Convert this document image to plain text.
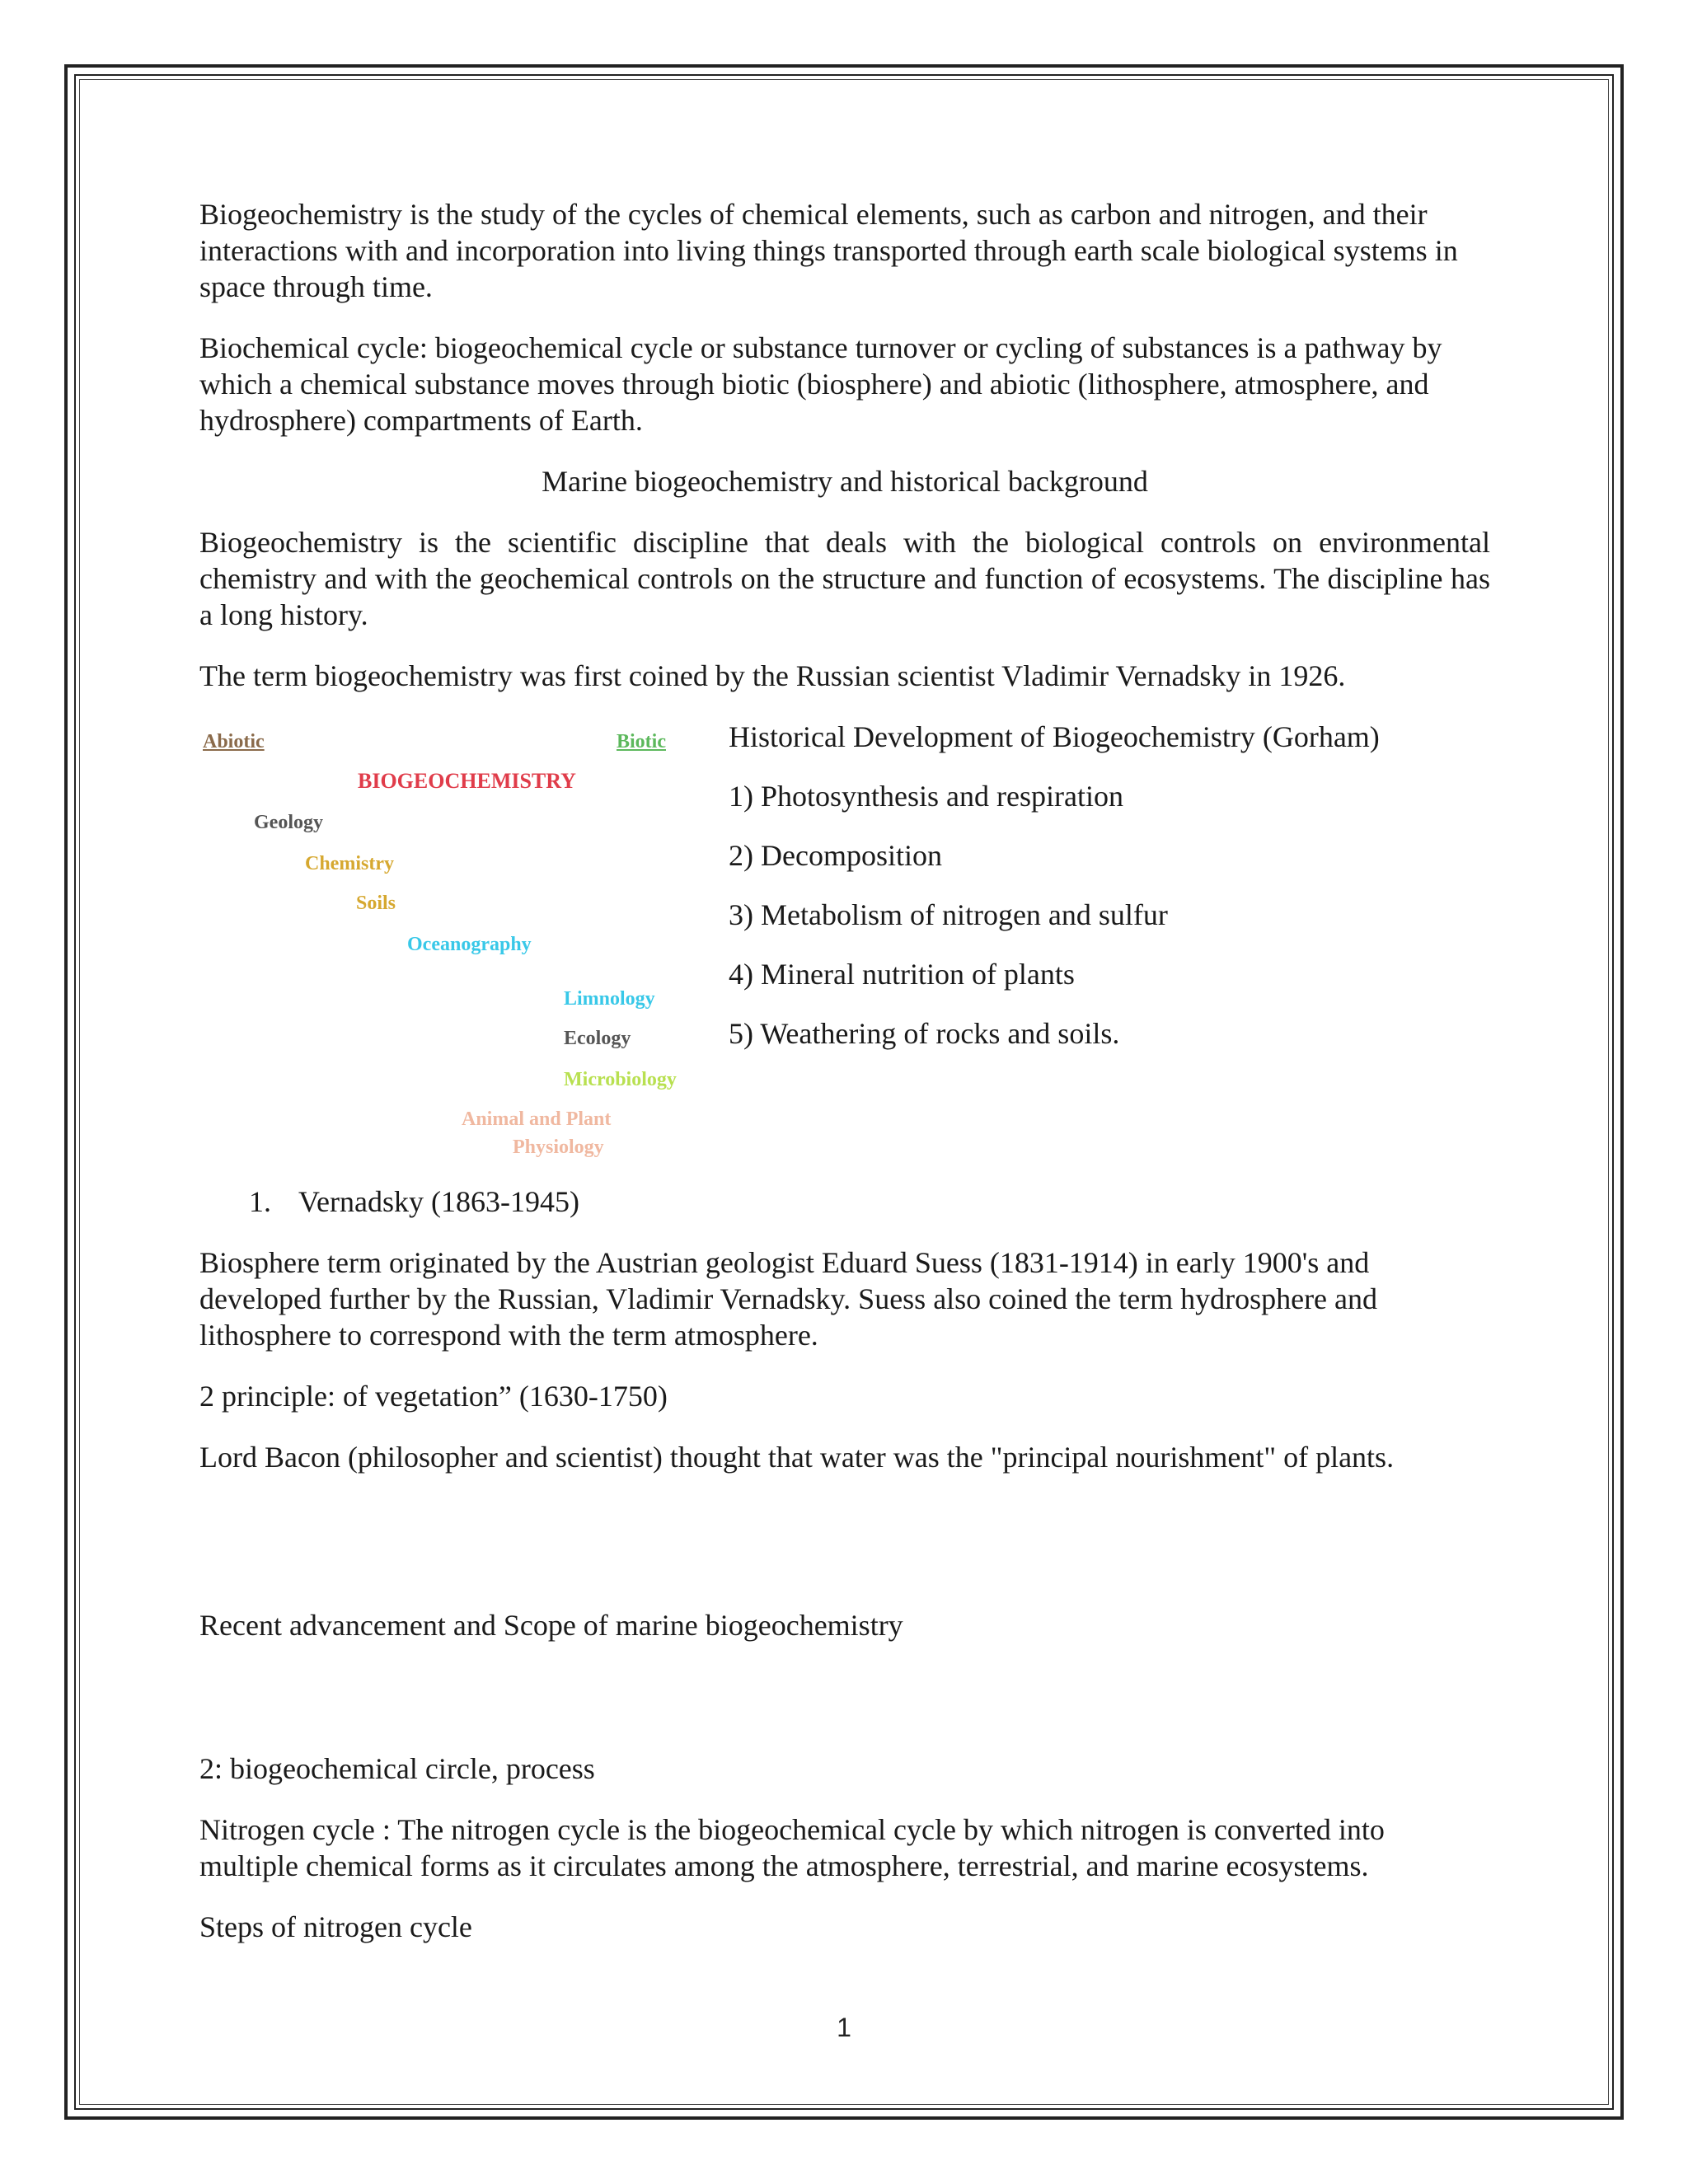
Biogeochemistry is the study of the cycles of chemical elements, such as carbon and nitrogen, and their interactions with and incorporation into living things transported through earth scale biological systems in space through time.

Biochemical cycle: biogeochemical cycle or substance turnover or cycling of substances is a pathway by which a chemical substance moves through biotic (biosphere) and abiotic (lithosphere, atmosphere, and hydrosphere) compartments of Earth.

Marine biogeochemistry and historical background

Biogeochemistry is the scientific discipline that deals with the biological controls on environmental chemistry and with the geochemical controls on the structure and function of ecosystems. The discipline has a long history.

The term biogeochemistry was first coined by the Russian scientist Vladimir Vernadsky in 1926.

Abiotic	Biotic
BIOGEOCHEMISTRY
Geology
Chemistry
Soils
Oceanography
Limnology
Ecology
Microbiology
Animal and Plant
Physiology

Historical Development of Biogeochemistry (Gorham)

1) Photosynthesis and respiration

2) Decomposition

3) Metabolism of nitrogen and sulfur

4) Mineral nutrition of plants

5) Weathering of rocks and soils.

1. Vernadsky (1863-1945)

Biosphere term originated by the Austrian geologist Eduard Suess (1831-1914) in early 1900's and developed further by the Russian, Vladimir Vernadsky. Suess also coined the term hydrosphere and lithosphere to correspond with the term atmosphere.

2 principle: of vegetation” (1630-1750)

Lord Bacon (philosopher and scientist) thought that water was the "principal nourishment" of plants.

Recent advancement and Scope of marine biogeochemistry

2: biogeochemical circle, process

Nitrogen cycle : The nitrogen cycle is the biogeochemical cycle by which nitrogen is converted into multiple chemical forms as it circulates among the atmosphere, terrestrial, and marine ecosystems.

Steps of nitrogen cycle

1
